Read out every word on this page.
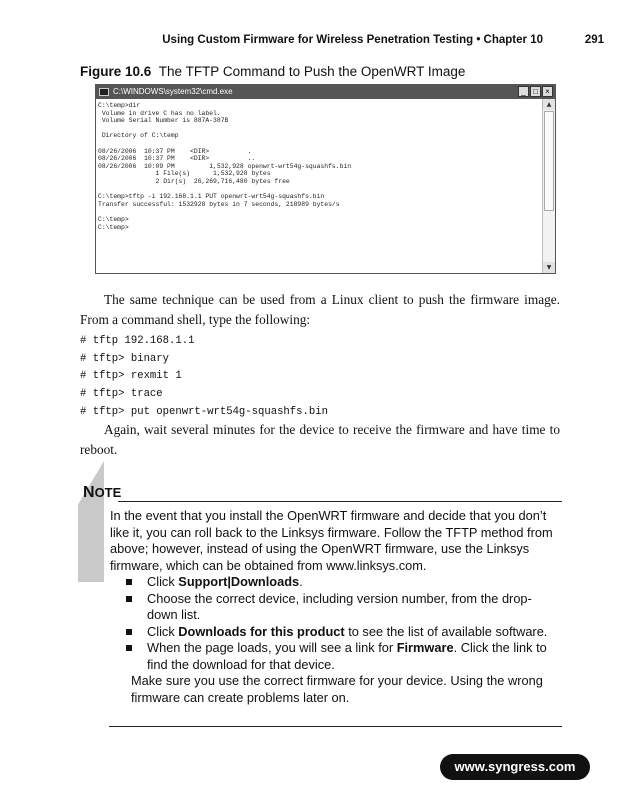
Using Custom Firmware for Wireless Penetration Testing • Chapter 10	291
Figure 10.6 The TFTP Command to Push the OpenWRT Image
C:\WINDOWS\system32\cmd.exe	_ □ ×
C:\temp>dir
Volume in drive C has no label.
Volume Serial Number is 887A-387B

Directory of C:\temp

08/26/2006  10:37 PM    <DIR>          .
08/26/2006  10:37 PM    <DIR>          ..
08/26/2006  10:09 PM         1,532,928 openwrt-wrt54g-squashfs.bin
1 File(s)      1,532,928 bytes
2 Dir(s)  26,269,716,480 bytes free

C:\temp>tftp -i 192.168.1.1 PUT openwrt-wrt54g-squashfs.bin
Transfer successful: 1532928 bytes in 7 seconds, 218989 bytes/s

C:\temp>
C:\temp>
▲
▼
The same technique can be used from a Linux client to push the firmware image. From a command shell, type the following:
# tftp 192.168.1.1
# tftp> binary
# tftp> rexmit 1
# tftp> trace
# tftp> put openwrt-wrt54g-squashfs.bin
Again, wait several minutes for the device to receive the firmware and have time to reboot.
NOTE

In the event that you install the OpenWRT firmware and decide that you don’t like it, you can roll back to the Linksys firmware. Follow the TFTP method from above; however, instead of using the OpenWRT firmware, use the Linksys firmware, which can be obtained from www.linksys.com.

Click Support|Downloads.
Choose the correct device, including version number, from the drop-down list.
Click Downloads for this product to see the list of available software.
When the page loads, you will see a link for Firmware. Click the link to find the download for that device.

Make sure you use the correct firmware for your device. Using the wrong firmware can create problems later on.

www.syngress.com
